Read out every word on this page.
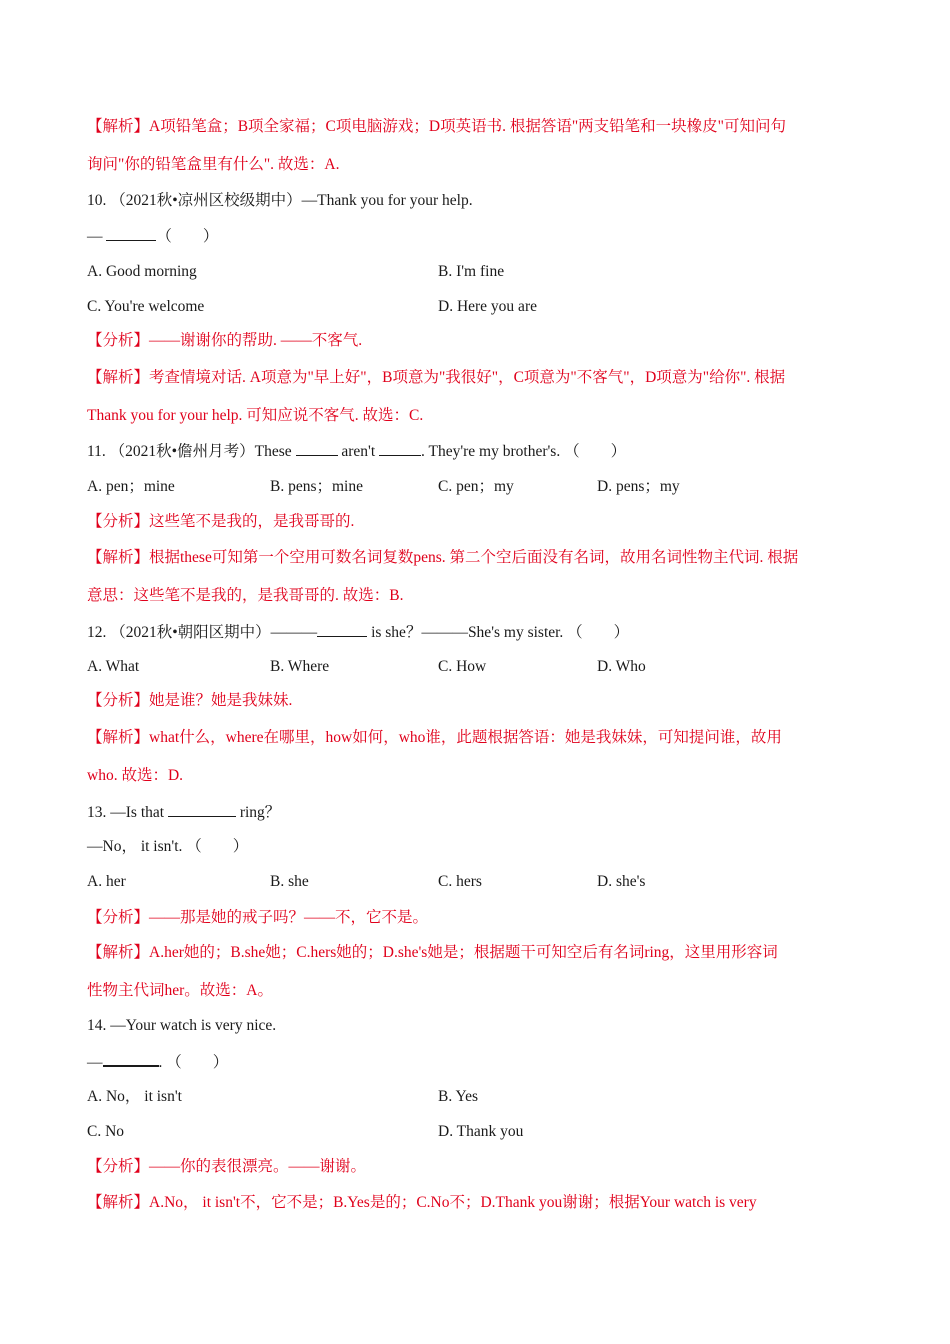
【解析】A项铅笔盒；B项全家福；C项电脑游戏；D项英语书. 根据答语"两支铅笔和一块橡皮"可知问句
询问"你的铅笔盒里有什么". 故选：A.
10. （2021秋•凉州区校级期中）—Thank you for your help.
—	（　　）
A. Good morning	B. I'm fine
C. You're welcome	D. Here you are
【分析】——谢谢你的帮助. ——不客气.
【解析】考查情境对话. A项意为"早上好"，B项意为"我很好"，C项意为"不客气"，D项意为"给你". 根据
Thank you for your help. 可知应说不客气. 故选：C.
11. （2021秋•儋州月考）These	aren't	. They're my brother's. （　　）
A. pen；mine	B. pens；mine	C. pen；my	D. pens；my
【分析】这些笔不是我的，是我哥哥的.
【解析】根据these可知第一个空用可数名词复数pens. 第二个空后面没有名词，故用名词性物主代词. 根据
意思：这些笔不是我的，是我哥哥的. 故选：B.
12. （2021秋•朝阳区期中）———	is she？———She's my sister. （　　）
A. What	B. Where	C. How	D. Who
【分析】她是谁？她是我妹妹.
【解析】what什么，where在哪里，how如何，who谁，此题根据答语：她是我妹妹，可知提问谁，故用
who. 故选：D.
13. —Is that	ring？
—No， it isn't. （　　）
A. her	B. she	C. hers	D. she's
【分析】——那是她的戒子吗？——不，它不是。
【解析】A.her她的；B.she她；C.hers她的；D.she's她是；根据题干可知空后有名词ring，这里用形容词
性物主代词her。故选：A。
14. —Your watch is very nice.
—	. （　　）
A. No， it isn't	B. Yes
C. No	D. Thank you
【分析】——你的表很漂亮。——谢谢。
【解析】A.No， it isn't不，它不是；B.Yes是的；C.No不；D.Thank you谢谢；根据Your watch is very
